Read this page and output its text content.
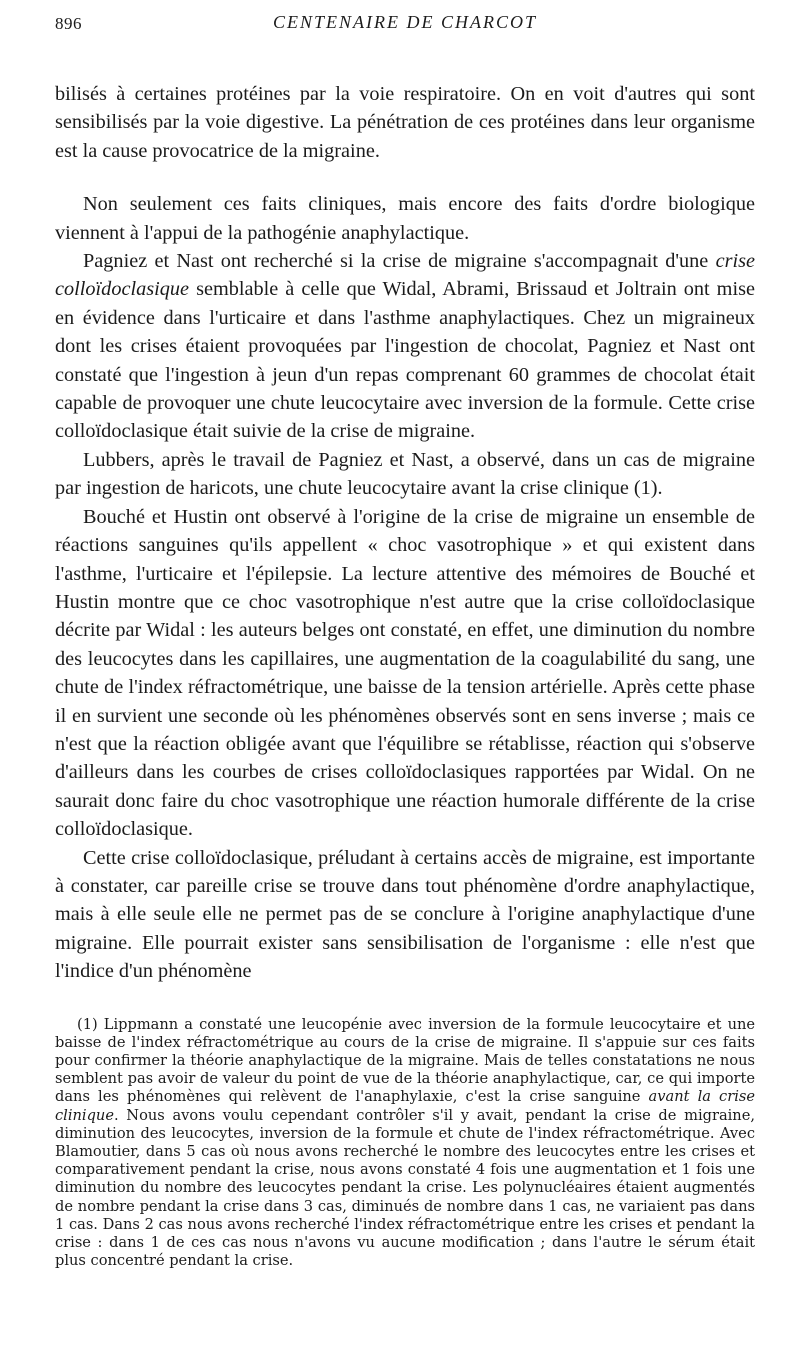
896	CENTENAIRE DE CHARCOT

bilisés à certaines protéines par la voie respiratoire. On en voit d'autres qui sont sensibilisés par la voie digestive. La pénétration de ces protéines dans leur organisme est la cause provocatrice de la migraine.

Non seulement ces faits cliniques, mais encore des faits d'ordre biologique viennent à l'appui de la pathogénie anaphylactique.

Pagniez et Nast ont recherché si la crise de migraine s'accompagnait d'une crise colloïdoclasique semblable à celle que Widal, Abrami, Brissaud et Joltrain ont mise en évidence dans l'urticaire et dans l'asthme anaphylactiques. Chez un migraineux dont les crises étaient provoquées par l'ingestion de chocolat, Pagniez et Nast ont constaté que l'ingestion à jeun d'un repas comprenant 60 grammes de chocolat était capable de provoquer une chute leucocytaire avec inversion de la formule. Cette crise colloïdoclasique était suivie de la crise de migraine.

Lubbers, après le travail de Pagniez et Nast, a observé, dans un cas de migraine par ingestion de haricots, une chute leucocytaire avant la crise clinique (1).

Bouché et Hustin ont observé à l'origine de la crise de migraine un ensemble de réactions sanguines qu'ils appellent « choc vasotrophique » et qui existent dans l'asthme, l'urticaire et l'épilepsie. La lecture attentive des mémoires de Bouché et Hustin montre que ce choc vasotrophique n'est autre que la crise colloïdoclasique décrite par Widal : les auteurs belges ont constaté, en effet, une diminution du nombre des leucocytes dans les capillaires, une augmentation de la coagulabilité du sang, une chute de l'index réfractométrique, une baisse de la tension artérielle. Après cette phase il en survient une seconde où les phénomènes observés sont en sens inverse ; mais ce n'est que la réaction obligée avant que l'équilibre se rétablisse, réaction qui s'observe d'ailleurs dans les courbes de crises colloïdoclasiques rapportées par Widal. On ne saurait donc faire du choc vasotrophique une réaction humorale différente de la crise colloïdoclasique.

Cette crise colloïdoclasique, préludant à certains accès de migraine, est importante à constater, car pareille crise se trouve dans tout phénomène d'ordre anaphylactique, mais à elle seule elle ne permet pas de se conclure à l'origine anaphylactique d'une migraine. Elle pourrait exister sans sensibilisation de l'organisme : elle n'est que l'indice d'un phénomène

(1) Lippmann a constaté une leucopénie avec inversion de la formule leucocytaire et une baisse de l'index réfractométrique au cours de la crise de migraine. Il s'appuie sur ces faits pour confirmer la théorie anaphylactique de la migraine. Mais de telles constatations ne nous semblent pas avoir de valeur du point de vue de la théorie anaphylactique, car, ce qui importe dans les phénomènes qui relèvent de l'anaphylaxie, c'est la crise sanguine avant la crise clinique. Nous avons voulu cependant contrôler s'il y avait, pendant la crise de migraine, diminution des leucocytes, inversion de la formule et chute de l'index réfractométrique. Avec Blamoutier, dans 5 cas où nous avons recherché le nombre des leucocytes entre les crises et comparativement pendant la crise, nous avons constaté 4 fois une augmentation et 1 fois une diminution du nombre des leucocytes pendant la crise. Les polynucléaires étaient augmentés de nombre pendant la crise dans 3 cas, diminués de nombre dans 1 cas, ne variaient pas dans 1 cas. Dans 2 cas nous avons recherché l'index réfractométrique entre les crises et pendant la crise : dans 1 de ces cas nous n'avons vu aucune modification ; dans l'autre le sérum était plus concentré pendant la crise.
